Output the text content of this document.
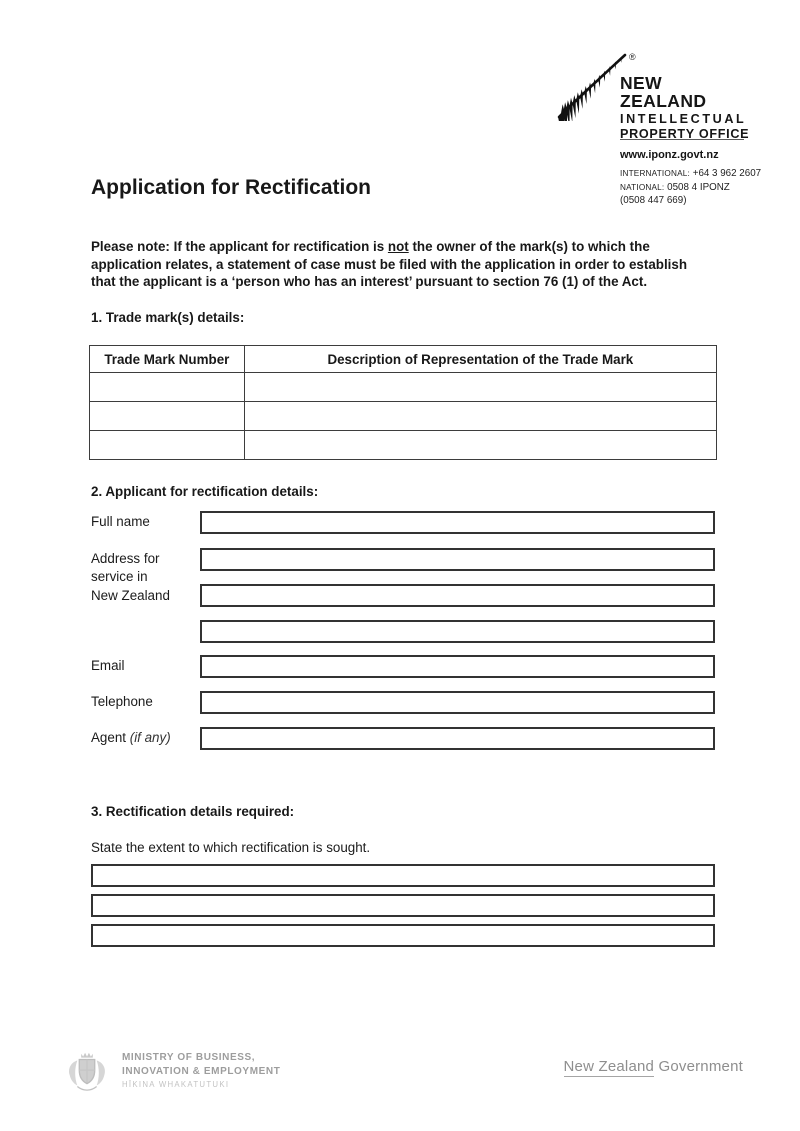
®
NEW ZEALAND
INTELLECTUAL
PROPERTY OFFICE
www.iponz.govt.nz
INTERNATIONAL: +64 3 962 2607
NATIONAL: 0508 4 IPONZ
(0508 447 669)
Application for Rectification

Please note: If the applicant for rectification is not the owner of the mark(s) to which the application relates, a statement of case must be filed with the application in order to establish that the applicant is a ‘person who has an interest’ pursuant to section 76 (1) of the Act.

1. Trade mark(s) details:
Trade Mark Number	Description of Representation of the Trade Mark

2. Applicant for rectification details:
Full name
Address for
service in
New Zealand
Email
Telephone
Agent (if any)
3. Rectification details required:
State the extent to which rectification is sought.
MINISTRY OF BUSINESS,
INNOVATION & EMPLOYMENT
HĪKINA WHAKATUTUKI
New Zealand Government
